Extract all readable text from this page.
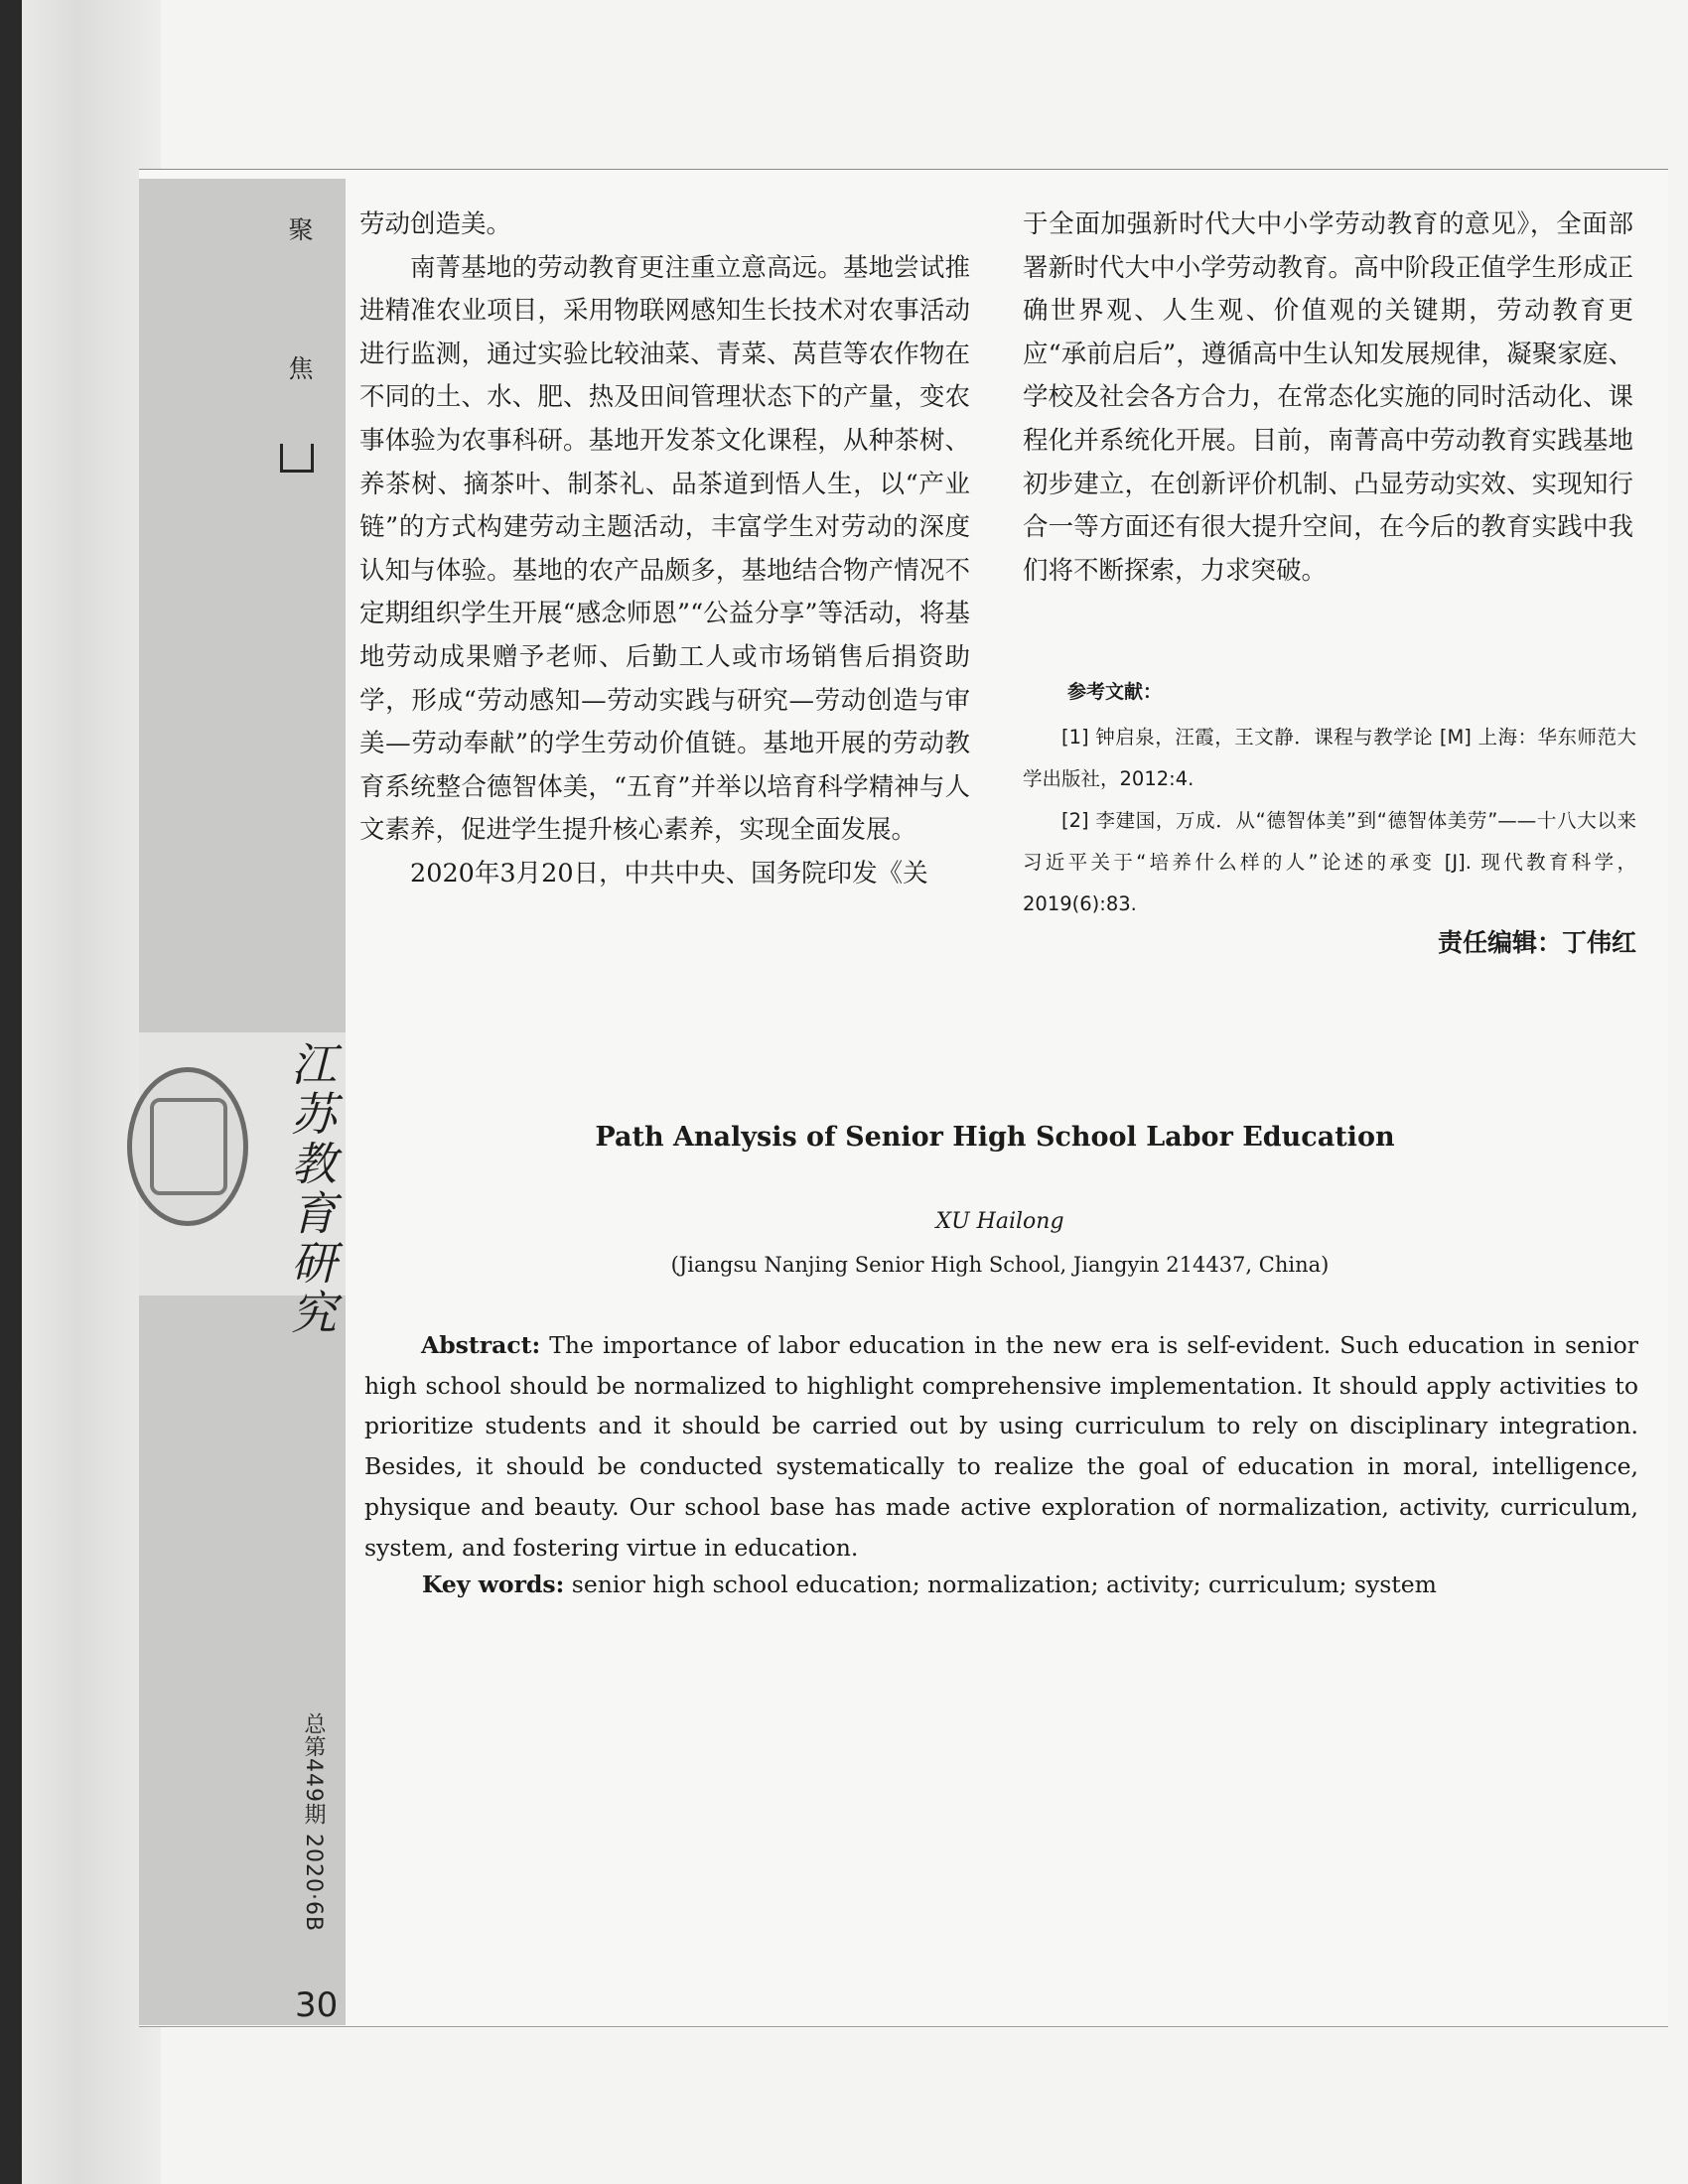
聚
焦
江苏教育研究
总第449期 2020·6B
30

劳动创造美。

南菁基地的劳动教育更注重立意高远。基地尝试推进精准农业项目，采用物联网感知生长技术对农事活动进行监测，通过实验比较油菜、青菜、莴苣等农作物在不同的土、水、肥、热及田间管理状态下的产量，变农事体验为农事科研。基地开发茶文化课程，从种茶树、养茶树、摘茶叶、制茶礼、品茶道到悟人生，以“产业链”的方式构建劳动主题活动，丰富学生对劳动的深度认知与体验。基地的农产品颇多，基地结合物产情况不定期组织学生开展“感念师恩”“公益分享”等活动，将基地劳动成果赠予老师、后勤工人或市场销售后捐资助学，形成“劳动感知—劳动实践与研究—劳动创造与审美—劳动奉献”的学生劳动价值链。基地开展的劳动教育系统整合德智体美，“五育”并举以培育科学精神与人文素养，促进学生提升核心素养，实现全面发展。

2020年3月20日，中共中央、国务院印发《关

于全面加强新时代大中小学劳动教育的意见》，全面部署新时代大中小学劳动教育。高中阶段正值学生形成正确世界观、人生观、价值观的关键期，劳动教育更应“承前启后”，遵循高中生认知发展规律，凝聚家庭、学校及社会各方合力，在常态化实施的同时活动化、课程化并系统化开展。目前，南菁高中劳动教育实践基地初步建立，在创新评价机制、凸显劳动实效、实现知行合一等方面还有很大提升空间，在今后的教育实践中我们将不断探索，力求突破。

参考文献：

[1] 钟启泉，汪霞，王文静．课程与教学论 [M] 上海：华东师范大学出版社，2012:4.

[2] 李建国，万成．从“德智体美”到“德智体美劳”——十八大以来习近平关于“培养什么样的人”论述的承变 [J]. 现代教育科学，2019(6):83.

责任编辑：丁伟红
Path Analysis of Senior High School Labor Education
XU Hailong
(Jiangsu Nanjing Senior High School, Jiangyin 214437, China)

Abstract: The importance of labor education in the new era is self-evident. Such education in senior high school should be normalized to highlight comprehensive implementation. It should apply activities to prioritize students and it should be carried out by using curriculum to rely on disciplinary integration. Besides, it should be conducted systematically to realize the goal of education in moral, intelligence, physique and beauty. Our school base has made active exploration of normalization, activity, curriculum, system, and fostering virtue in education.

Key words: senior high school education; normalization; activity; curriculum; system
